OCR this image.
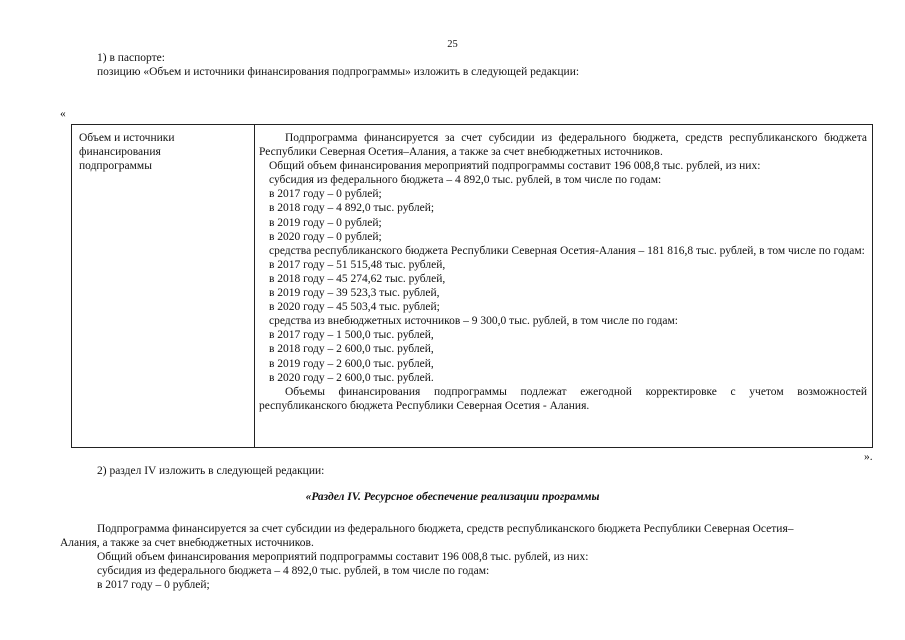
25
1) в паспорте:
позицию «Объем и источники финансирования подпрограммы» изложить в следующей редакции:
«
Объем и источники
финансирования
подпрограммы
Подпрограмма финансируется за счет субсидии из федерального бюджета, средств республиканского бюджета Республики Северная Осетия–Алания, а также за счет внебюджетных источников.
Общий объем финансирования мероприятий подпрограммы составит 196 008,8 тыс. рублей, из них:
субсидия из федерального бюджета – 4 892,0 тыс. рублей, в том числе по годам:
в 2017 году – 0 рублей;
в 2018 году – 4 892,0 тыс. рублей;
в 2019 году – 0 рублей;
в 2020 году – 0 рублей;
средства республиканского бюджета Республики Северная Осетия-Алания – 181 816,8 тыс. рублей, в том числе по годам:
в 2017 году – 51 515,48 тыс. рублей,
в 2018 году – 45 274,62 тыс. рублей,
в 2019 году – 39 523,3 тыс. рублей,
в 2020 году – 45 503,4 тыс. рублей;
средства из внебюджетных источников – 9 300,0 тыс. рублей, в том числе по годам:
в 2017 году – 1 500,0 тыс. рублей,
в 2018 году – 2 600,0 тыс. рублей,
в 2019 году – 2 600,0 тыс. рублей,
в 2020 году – 2 600,0 тыс. рублей.
Объемы финансирования подпрограммы подлежат ежегодной корректировке с учетом возможностей республиканского бюджета Республики Северная Осетия - Алания.
».
2) раздел IV изложить в следующей редакции:
«Раздел IV. Ресурсное обеспечение реализации программы
Подпрограмма финансируется за счет субсидии из федерального бюджета, средств республиканского бюджета Республики Северная Осетия–
Алания, а также за счет внебюджетных источников.
Общий объем финансирования мероприятий подпрограммы составит 196 008,8 тыс. рублей, из них:
субсидия из федерального бюджета – 4 892,0 тыс. рублей, в том числе по годам:
в 2017 году – 0 рублей;
